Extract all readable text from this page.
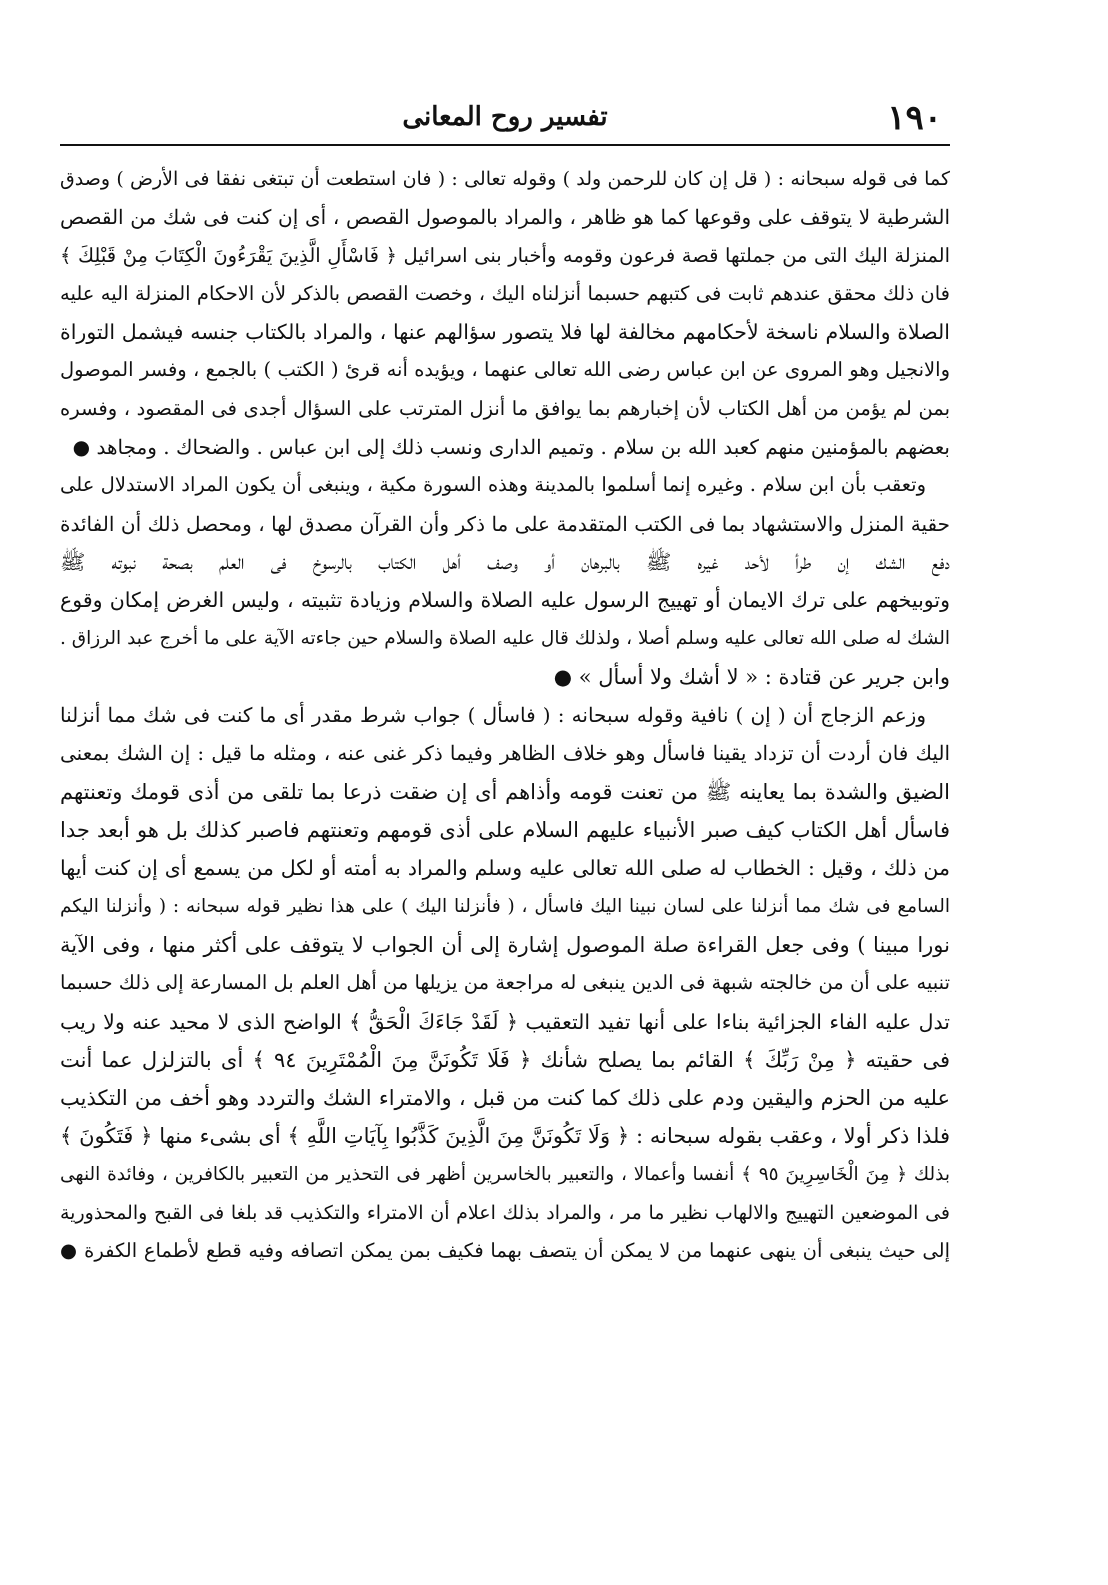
١٩٠
تفسير روح المعانى
كما فى قوله سبحانه : ( قل إن كان للرحمن ولد ) وقوله تعالى : ( فان استطعت أن تبتغى نفقا فى الأرض ) وصدق
الشرطية لا يتوقف على وقوعها كما هو ظاهر ، والمراد بالموصول القصص ، أى إن كنت فى شك من القصص
المنزلة اليك التى من جملتها قصة فرعون وقومه وأخبار بنى اسرائيل ﴿ فَاسْأَلِ الَّذِينَ يَقْرَءُونَ الْكِتَابَ مِنْ قَبْلِكَ ﴾
فان ذلك محقق عندهم ثابت فى كتبهم حسبما أنزلناه اليك ، وخصت القصص بالذكر لأن الاحكام المنزلة اليه عليه
الصلاة والسلام ناسخة لأحكامهم مخالفة لها فلا يتصور سؤالهم عنها ، والمراد بالكتاب جنسه فيشمل التوراة
والانجيل وهو المروى عن ابن عباس رضى الله تعالى عنهما ، ويؤيده أنه قرئ ( الكتب ) بالجمع ، وفسر الموصول
بمن لم يؤمن من أهل الكتاب لأن إخبارهم بما يوافق ما أنزل المترتب على السؤال أجدى فى المقصود ، وفسره
بعضهم بالمؤمنين منهم كعبد الله بن سلام . وتميم الدارى ونسب ذلك إلى ابن عباس . والضحاك . ومجاهد ●
وتعقب بأن ابن سلام . وغيره إنما أسلموا بالمدينة وهذه السورة مكية ، وينبغى أن يكون المراد الاستدلال على
حقية المنزل والاستشهاد بما فى الكتب المتقدمة على ما ذكر وأن القرآن مصدق لها ، ومحصل ذلك أن الفائدة
دفع الشك إن طرأ لأحد غيره ﷺ بالبرهان أو وصف أهل الكتاب بالرسوخ فى العلم بصحة نبوته ﷺ
وتوبيخهم على ترك الايمان أو تهييج الرسول عليه الصلاة والسلام وزيادة تثبيته ، وليس الغرض إمكان وقوع
الشك له صلى الله تعالى عليه وسلم أصلا ، ولذلك قال عليه الصلاة والسلام حين جاءته الآية على ما أخرج عبد الرزاق .
وابن جرير عن قتادة : « لا أشك ولا أسأل » ●
وزعم الزجاج أن ( إن ) نافية وقوله سبحانه : ( فاسأل ) جواب شرط مقدر أى ما كنت فى شك مما أنزلنا
اليك فان أردت أن تزداد يقينا فاسأل وهو خلاف الظاهر وفيما ذكر غنى عنه ، ومثله ما قيل : إن الشك بمعنى
الضيق والشدة بما يعاينه ﷺ من تعنت قومه وأذاهم أى إن ضقت ذرعا بما تلقى من أذى قومك وتعنتهم
فاسأل أهل الكتاب كيف صبر الأنبياء عليهم السلام على أذى قومهم وتعنتهم فاصبر كذلك بل هو أبعد جدا
من ذلك ، وقيل : الخطاب له صلى الله تعالى عليه وسلم والمراد به أمته أو لكل من يسمع أى إن كنت أيها
السامع فى شك مما أنزلنا على لسان نبينا اليك فاسأل ، ( فأنزلنا اليك ) على هذا نظير قوله سبحانه : ( وأنزلنا اليكم
نورا مبينا ) وفى جعل القراءة صلة الموصول إشارة إلى أن الجواب لا يتوقف على أكثر منها ، وفى الآية
تنبيه على أن من خالجته شبهة فى الدين ينبغى له مراجعة من يزيلها من أهل العلم بل المسارعة إلى ذلك حسبما
تدل عليه الفاء الجزائية بناءا على أنها تفيد التعقيب ﴿ لَقَدْ جَاءَكَ الْحَقُّ ﴾ الواضح الذى لا محيد عنه ولا ريب
فى حقيته ﴿ مِنْ رَبِّكَ ﴾ القائم بما يصلح شأنك ﴿ فَلَا تَكُونَنَّ مِنَ الْمُمْتَرِينَ ٩٤ ﴾ أى بالتزلزل عما أنت
عليه من الحزم واليقين ودم على ذلك كما كنت من قبل ، والامتراء الشك والتردد وهو أخف من التكذيب
فلذا ذكر أولا ، وعقب بقوله سبحانه : ﴿ وَلَا تَكُونَنَّ مِنَ الَّذِينَ كَذَّبُوا بِآيَاتِ اللَّهِ ﴾ أى بشىء منها ﴿ فَتَكُونَ ﴾
بذلك ﴿ مِنَ الْخَاسِرِينَ ٩٥ ﴾ أنفسا وأعمالا ، والتعبير بالخاسرين أظهر فى التحذير من التعبير بالكافرين ، وفائدة النهى
فى الموضعين التهييج والالهاب نظير ما مر ، والمراد بذلك اعلام أن الامتراء والتكذيب قد بلغا فى القبح والمحذورية
إلى حيث ينبغى أن ينهى عنهما من لا يمكن أن يتصف بهما فكيف بمن يمكن اتصافه وفيه قطع لأطماع الكفرة ●
